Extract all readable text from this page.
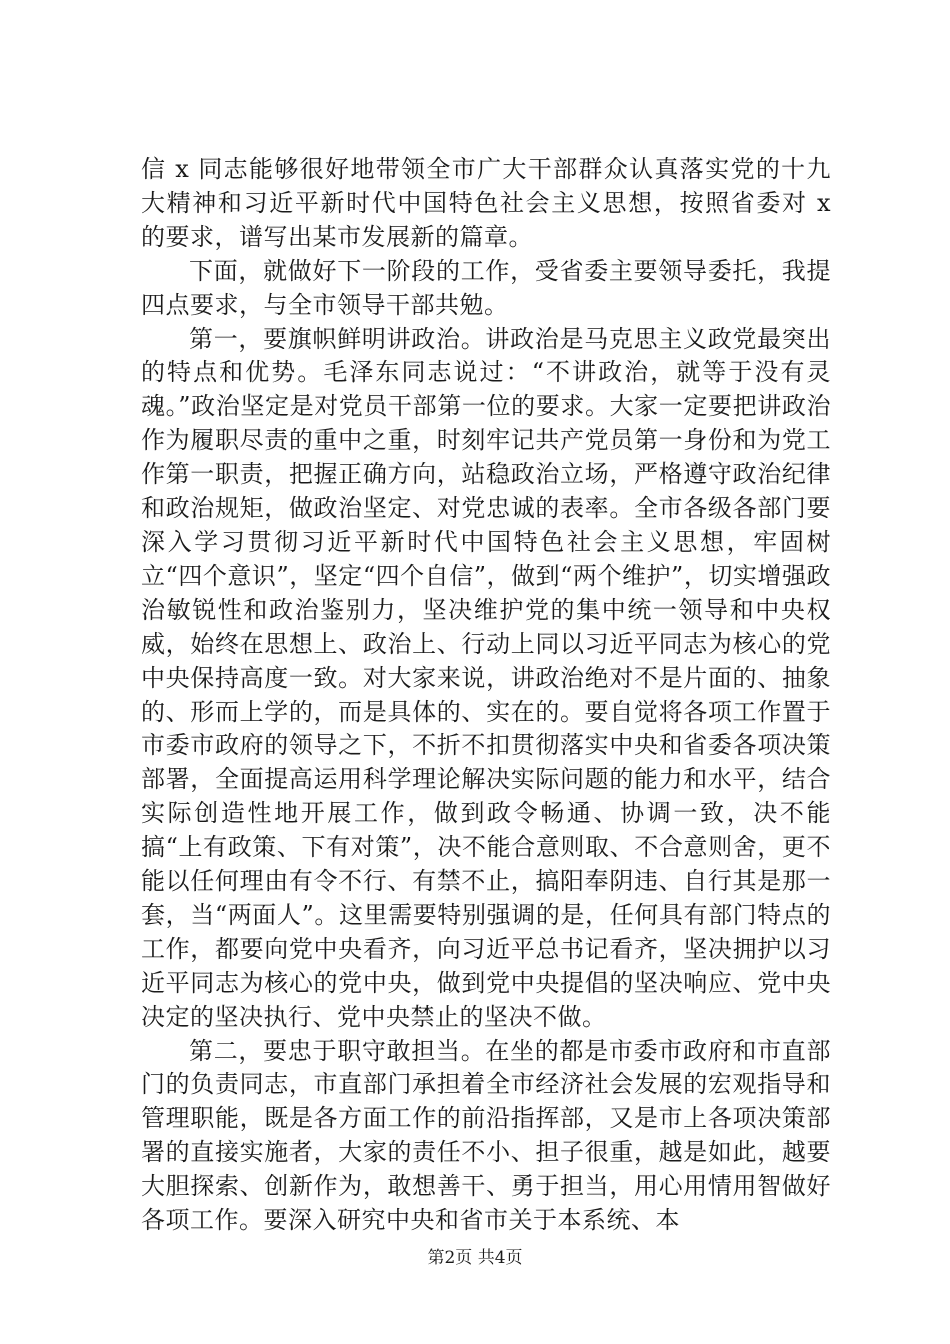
信 x 同志能够很好地带领全市广大干部群众认真落实党的十九大精神和习近平新时代中国特色社会主义思想，按照省委对 x 的要求，谱写出某市发展新的篇章。

下面，就做好下一阶段的工作，受省委主要领导委托，我提四点要求，与全市领导干部共勉。

第一，要旗帜鲜明讲政治。讲政治是马克思主义政党最突出的特点和优势。毛泽东同志说过：“不讲政治，就等于没有灵魂。”政治坚定是对党员干部第一位的要求。大家一定要把讲政治作为履职尽责的重中之重，时刻牢记共产党员第一身份和为党工作第一职责，把握正确方向，站稳政治立场，严格遵守政治纪律和政治规矩，做政治坚定、对党忠诚的表率。全市各级各部门要深入学习贯彻习近平新时代中国特色社会主义思想，牢固树立“四个意识”，坚定“四个自信”，做到“两个维护”，切实增强政治敏锐性和政治鉴别力，坚决维护党的集中统一领导和中央权威，始终在思想上、政治上、行动上同以习近平同志为核心的党中央保持高度一致。对大家来说，讲政治绝对不是片面的、抽象的、形而上学的，而是具体的、实在的。要自觉将各项工作置于市委市政府的领导之下，不折不扣贯彻落实中央和省委各项决策部署，全面提高运用科学理论解决实际问题的能力和水平，结合实际创造性地开展工作，做到政令畅通、协调一致，决不能搞“上有政策、下有对策”，决不能合意则取、不合意则舍，更不能以任何理由有令不行、有禁不止，搞阳奉阴违、自行其是那一套，当“两面人”。这里需要特别强调的是，任何具有部门特点的工作，都要向党中央看齐，向习近平总书记看齐，坚决拥护以习近平同志为核心的党中央，做到党中央提倡的坚决响应、党中央决定的坚决执行、党中央禁止的坚决不做。

第二，要忠于职守敢担当。在坐的都是市委市政府和市直部门的负责同志，市直部门承担着全市经济社会发展的宏观指导和管理职能，既是各方面工作的前沿指挥部，又是市上各项决策部署的直接实施者，大家的责任不小、担子很重，越是如此，越要大胆探索、创新作为，敢想善干、勇于担当，用心用情用智做好各项工作。要深入研究中央和省市关于本系统、本

第2页 共4页
